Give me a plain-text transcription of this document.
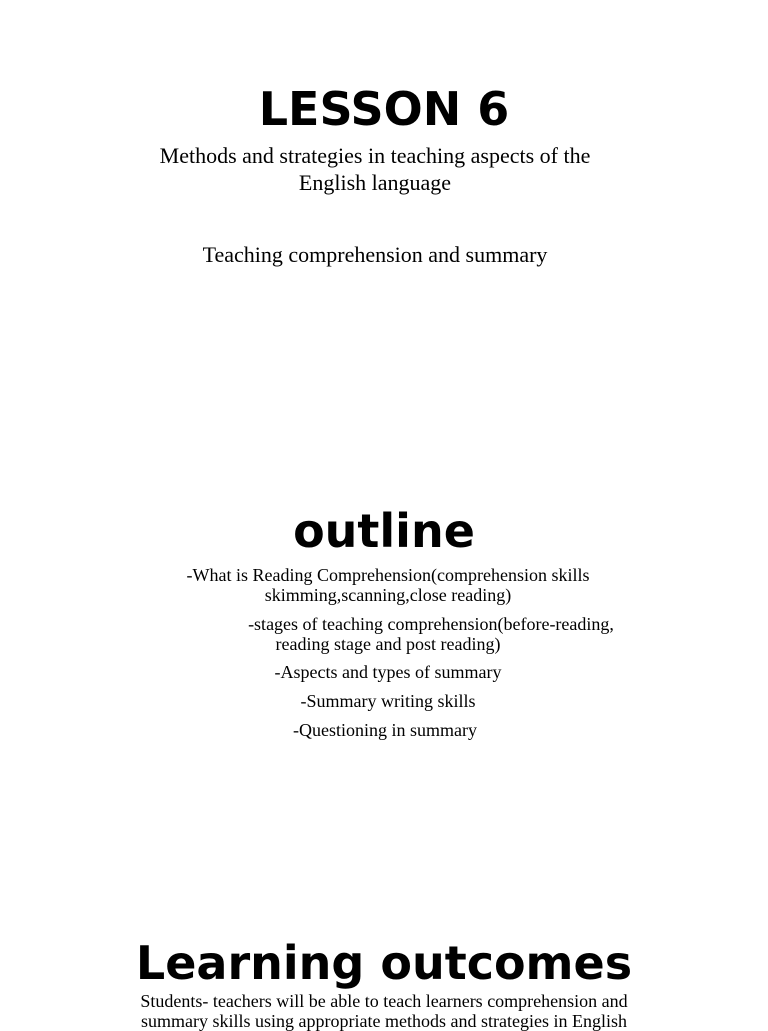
LESSON 6
Methods and strategies in teaching aspects of the
English language
Teaching comprehension and summary
outline
-What is Reading Comprehension(comprehension skills
skimming,scanning,close reading)
-stages of teaching comprehension(before-reading,
reading stage and post reading)
-Aspects and types of summary
-Summary writing skills
-Questioning in summary
Learning outcomes
Students- teachers will be able to teach learners comprehension and
summary skills using appropriate methods and strategies in English
